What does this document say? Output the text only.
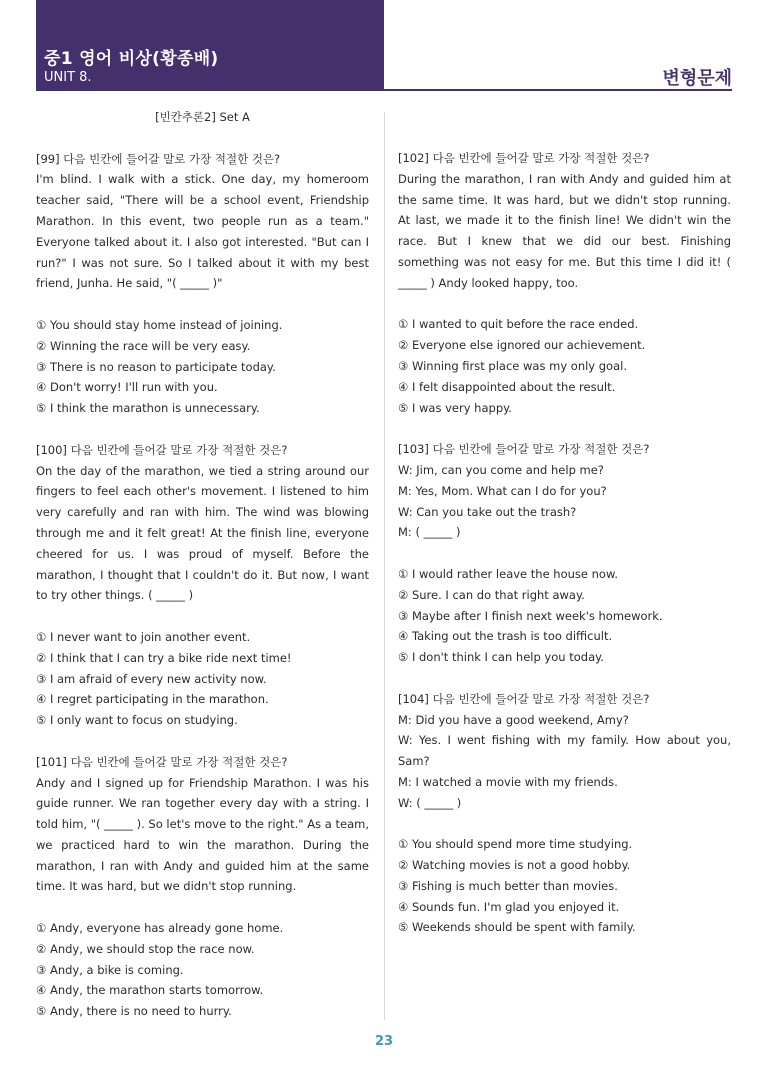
중1 영어 비상(황종배)
UNIT 8.	변형문제
[빈칸추론2] Set A
[99] 다음 빈칸에 들어갈 말로 가장 적절한 것은?
I'm blind. I walk with a stick. One day, my homeroom teacher said, "There will be a school event, Friendship Marathon. In this event, two people run as a team." Everyone talked about it. I also got interested. "But can I run?" I was not sure. So I talked about it with my best friend, Junha. He said, "( _____ )"
① You should stay home instead of joining.
② Winning the race will be very easy.
③ There is no reason to participate today.
④ Don't worry! I'll run with you.
⑤ I think the marathon is unnecessary.
[100] 다음 빈칸에 들어갈 말로 가장 적절한 것은?
On the day of the marathon, we tied a string around our fingers to feel each other's movement. I listened to him very carefully and ran with him. The wind was blowing through me and it felt great! At the finish line, everyone cheered for us. I was proud of myself. Before the marathon, I thought that I couldn't do it. But now, I want to try other things. ( _____ )
① I never want to join another event.
② I think that I can try a bike ride next time!
③ I am afraid of every new activity now.
④ I regret participating in the marathon.
⑤ I only want to focus on studying.
[101] 다음 빈칸에 들어갈 말로 가장 적절한 것은?
Andy and I signed up for Friendship Marathon. I was his guide runner. We ran together every day with a string. I told him, "( _____ ). So let's move to the right." As a team, we practiced hard to win the marathon. During the marathon, I ran with Andy and guided him at the same time. It was hard, but we didn't stop running.
① Andy, everyone has already gone home.
② Andy, we should stop the race now.
③ Andy, a bike is coming.
④ Andy, the marathon starts tomorrow.
⑤ Andy, there is no need to hurry.
[102] 다음 빈칸에 들어갈 말로 가장 적절한 것은?
During the marathon, I ran with Andy and guided him at the same time. It was hard, but we didn't stop running. At last, we made it to the finish line! We didn't win the race. But I knew that we did our best. Finishing something was not easy for me. But this time I did it! ( _____ ) Andy looked happy, too.
① I wanted to quit before the race ended.
② Everyone else ignored our achievement.
③ Winning first place was my only goal.
④ I felt disappointed about the result.
⑤ I was very happy.
[103] 다음 빈칸에 들어갈 말로 가장 적절한 것은?
W: Jim, can you come and help me?
M: Yes, Mom. What can I do for you?
W: Can you take out the trash?
M: ( _____ )
① I would rather leave the house now.
② Sure. I can do that right away.
③ Maybe after I finish next week's homework.
④ Taking out the trash is too difficult.
⑤ I don't think I can help you today.
[104] 다음 빈칸에 들어갈 말로 가장 적절한 것은?
M: Did you have a good weekend, Amy?
W: Yes. I went fishing with my family. How about you, Sam?
M: I watched a movie with my friends.
W: ( _____ )
① You should spend more time studying.
② Watching movies is not a good hobby.
③ Fishing is much better than movies.
④ Sounds fun. I'm glad you enjoyed it.
⑤ Weekends should be spent with family.
23
